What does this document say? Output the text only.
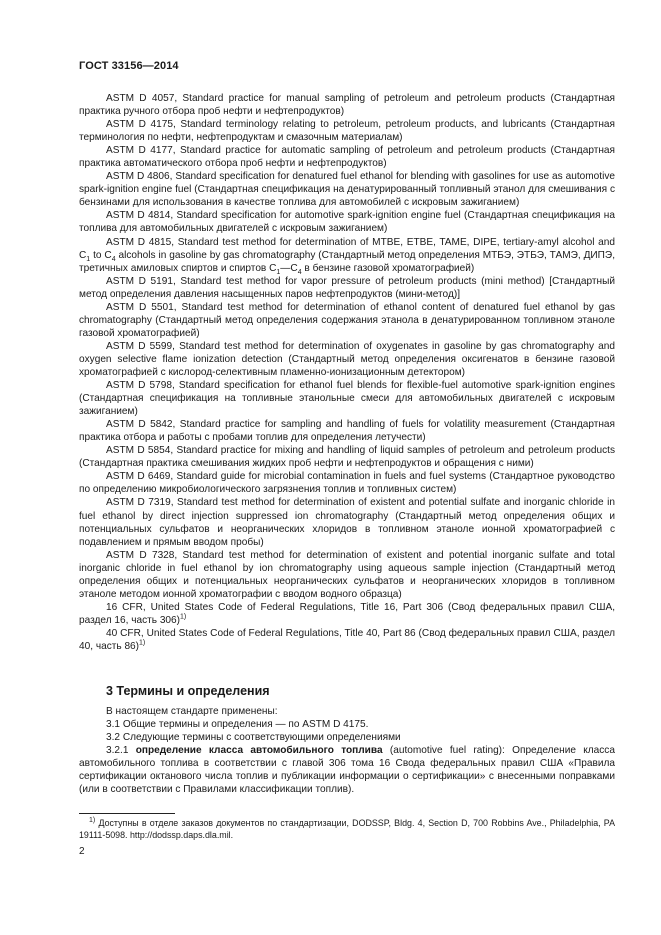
ГОСТ 33156—2014

ASTM D 4057, Standard practice for manual sampling of petroleum and petroleum products (Стандартная практика ручного отбора проб нефти и нефтепродуктов)

ASTM D 4175, Standard terminology relating to petroleum, petroleum products, and lubricants (Стандартная терминология по нефти, нефтепродуктам и смазочным материалам)

ASTM D 4177, Standard practice for automatic sampling of petroleum and petroleum products (Стандартная практика автоматического отбора проб нефти и нефтепродуктов)

ASTM D 4806, Standard specification for denatured fuel ethanol for blending with gasolines for use as automotive spark-ignition engine fuel (Стандартная спецификация на денатурированный топливный этанол для смешивания с бензинами для использования в качестве топлива для автомобилей с искровым зажиганием)

ASTM D 4814, Standard specification for automotive spark-ignition engine fuel (Стандартная спецификация на топлива для автомобильных двигателей с искровым зажиганием)

ASTM D 4815, Standard test method for determination of MTBE, ETBE, TAME, DIPE, tertiary-amyl alcohol and $C_1$ to $C_4$ alcohols in gasoline by gas chromatography (Стандартный метод определения МТБЭ, ЭТБЭ, ТАМЭ, ДИПЭ, третичных амиловых спиртов и спиртов $С_1—С_4$ в бензине газовой хроматографией)

ASTM D 5191, Standard test method for vapor pressure of petroleum products (mini method) [Стандартный метод определения давления насыщенных паров нефтепродуктов (мини-метод)]

ASTM D 5501, Standard test method for determination of ethanol content of denatured fuel ethanol by gas chromatography (Стандартный метод определения содержания этанола в денатурированном топливном этаноле газовой хроматографией)

ASTM D 5599, Standard test method for determination of oxygenates in gasoline by gas chromatography and oxygen selective flame ionization detection (Стандартный метод определения оксигенатов в бензине газовой хроматографией с кислород-селективным пламенно-ионизационным детектором)

ASTM D 5798, Standard specification for ethanol fuel blends for flexible-fuel automotive spark-ignition engines (Стандартная спецификация на топливные этанольные смеси для автомобильных двигателей с искровым зажиганием)

ASTM D 5842, Standard practice for sampling and handling of fuels for volatility measurement (Стандартная практика отбора и работы с пробами топлив для определения летучести)

ASTM D 5854, Standard practice for mixing and handling of liquid samples of petroleum and petroleum products (Стандартная практика смешивания жидких проб нефти и нефтепродуктов и обращения с ними)

ASTM D 6469, Standard guide for microbial contamination in fuels and fuel systems (Стандартное руководство по определению микробиологического загрязнения топлив и топливных систем)

ASTM D 7319, Standard test method for determination of existent and potential sulfate and inorganic chloride in fuel ethanol by direct injection suppressed ion chromatography (Стандартный метод определения общих и потенциальных сульфатов и неорганических хлоридов в топливном этаноле ионной хроматографией с подавлением и прямым вводом пробы)

ASTM D 7328, Standard test method for determination of existent and potential inorganic sulfate and total inorganic chloride in fuel ethanol by ion chromatography using aqueous sample injection (Стандартный метод определения общих и потенциальных неорганических сульфатов и неорганических хлоридов в топливном этаноле методом ионной хроматографии с вводом водного образца)

16 CFR, United States Code of Federal Regulations, Title 16, Part 306 (Свод федеральных правил США, раздел 16, часть 306)$^{1)}$

40 CFR, United States Code of Federal Regulations, Title 40, Part 86 (Свод федеральных правил США, раздел 40, часть 86)$^{1)}$

3 Термины и определения

В настоящем стандарте применены:

3.1 Общие термины и определения — по ASTM D 4175.

3.2 Следующие термины с соответствующими определениями

3.2.1 определение класса автомобильного топлива (automotive fuel rating): Определение класса автомобильного топлива в соответствии с главой 306 тома 16 Свода федеральных правил США «Правила сертификации октанового числа топлив и публикации информации о сертификации» с внесенными поправками (или в соответствии с Правилами классификации топлив).

$^{1)}$ Доступны в отделе заказов документов по стандартизации, DODSSP, Bldg. 4, Section D, 700 Robbins Ave., Philadelphia, PA 19111-5098. http://dodssp.daps.dla.mil.

2
